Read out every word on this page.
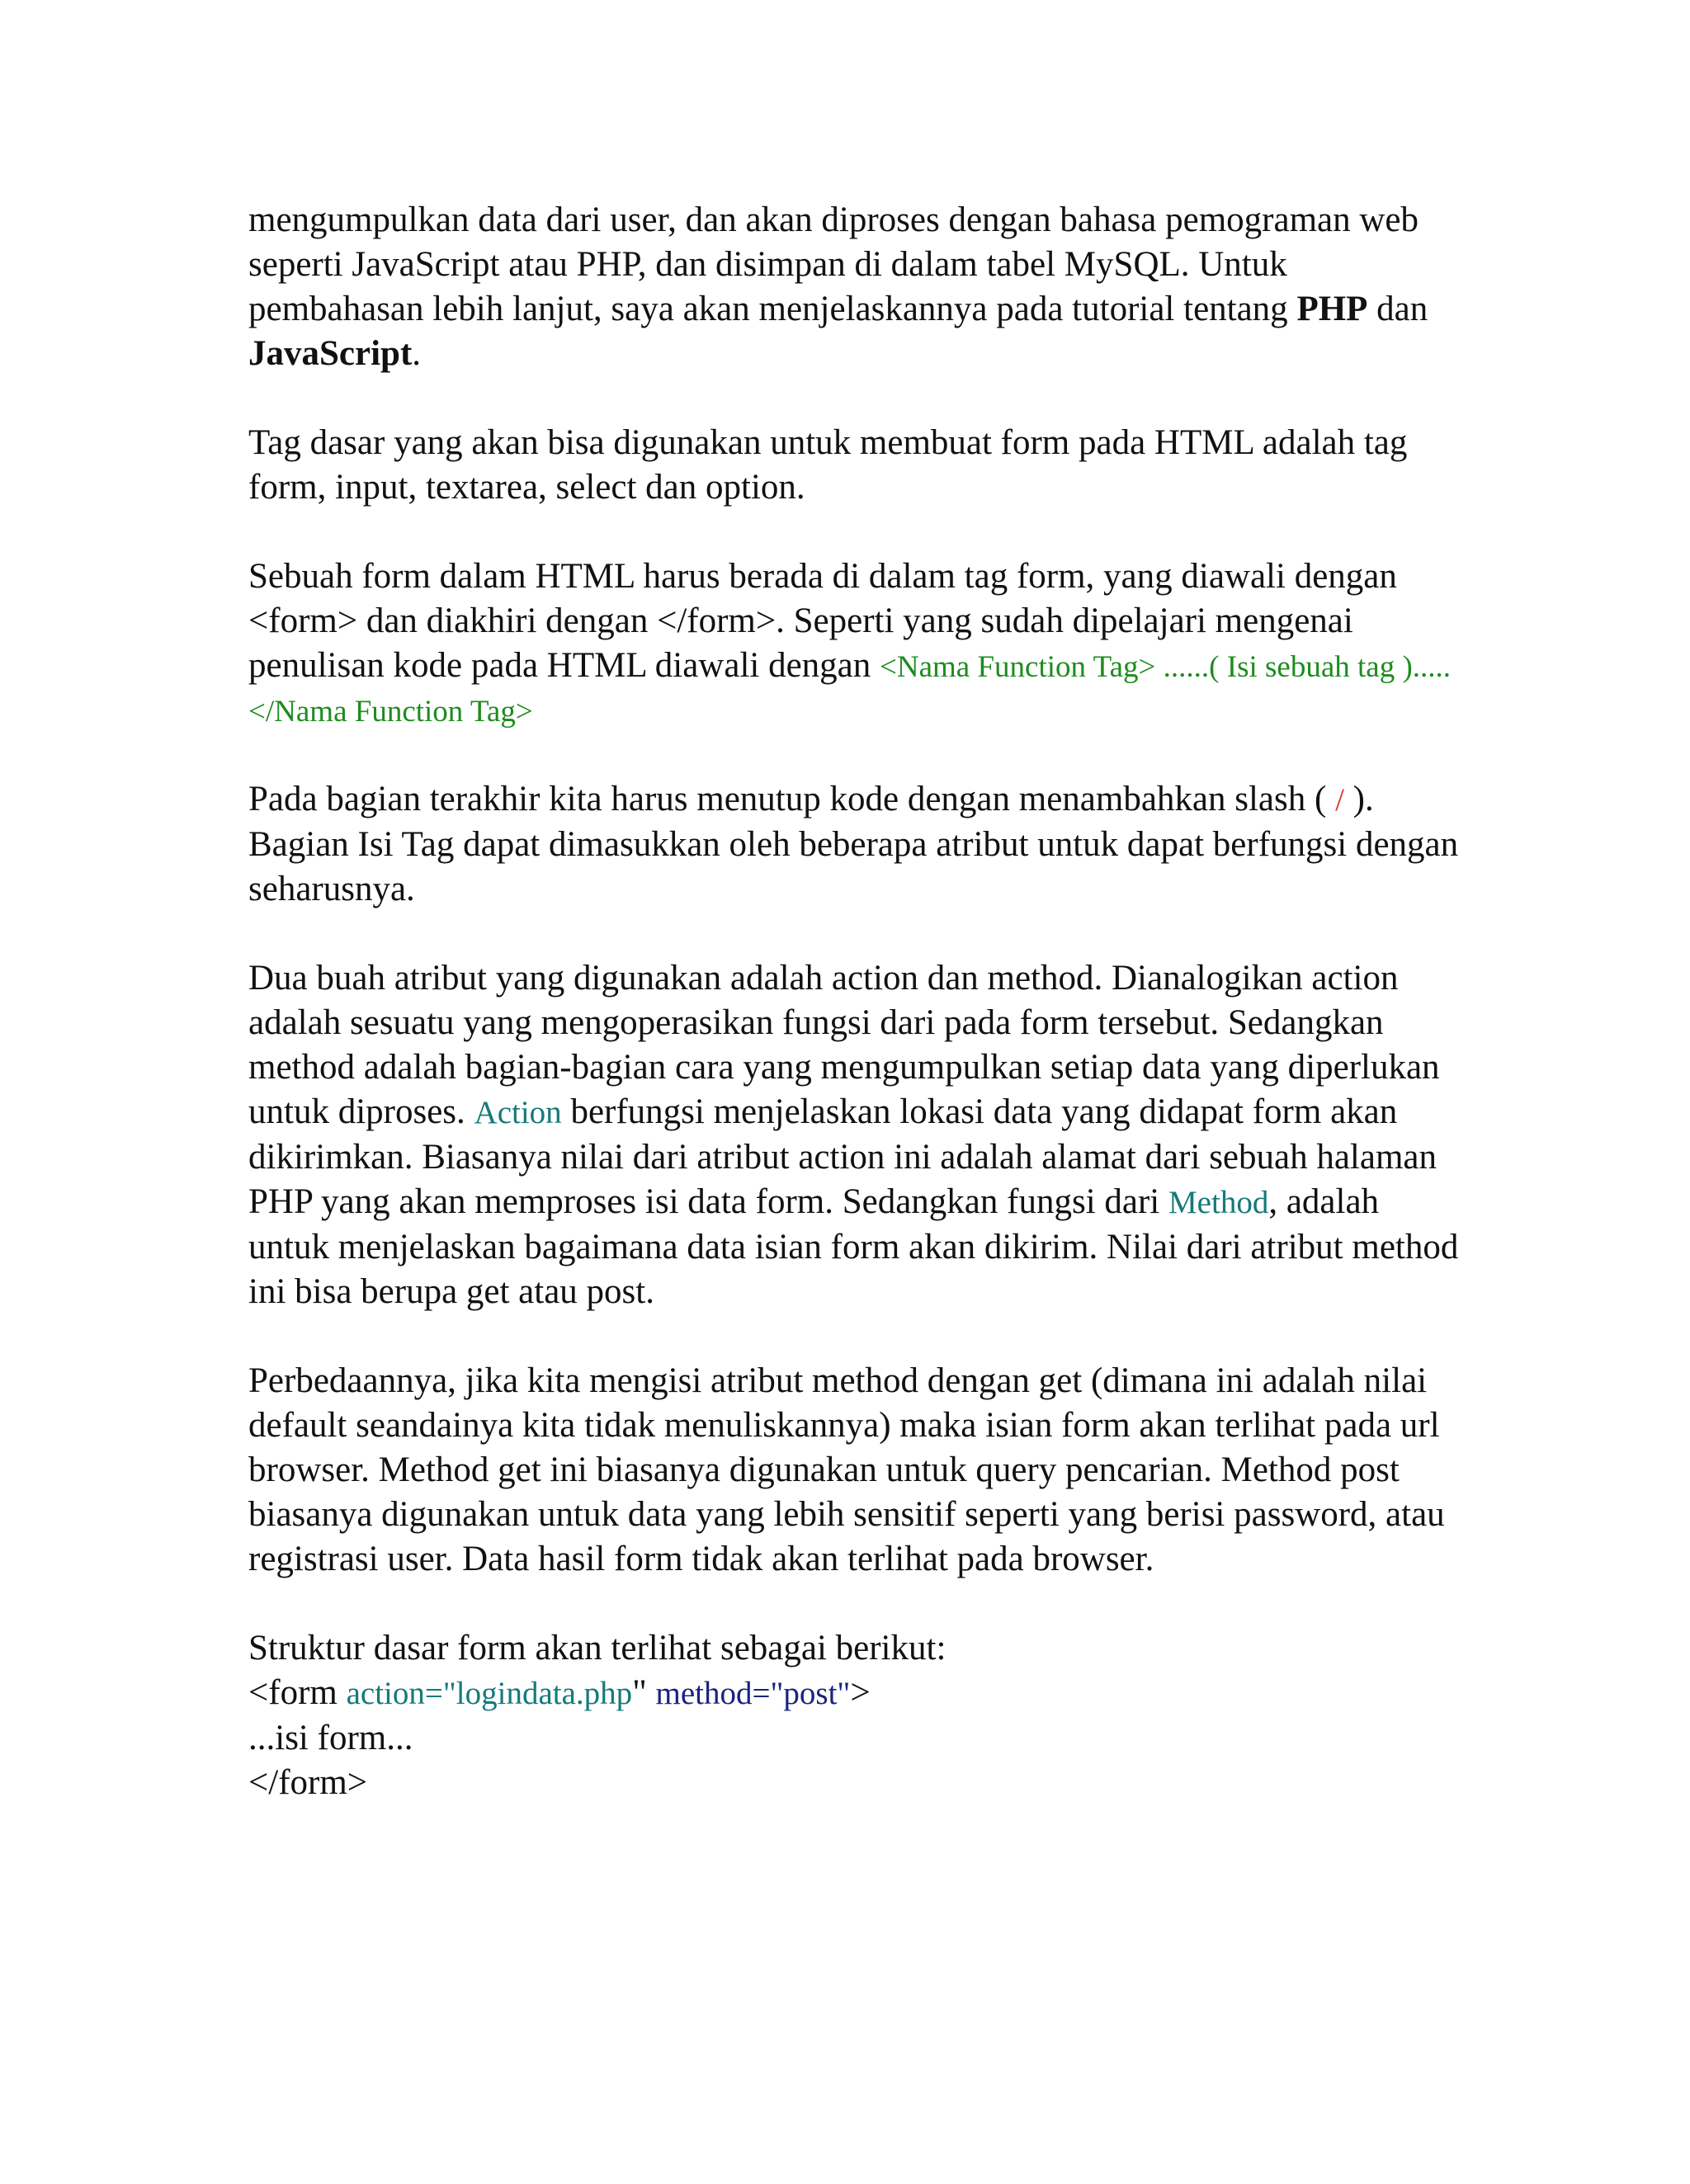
mengumpulkan data dari user, dan akan diproses dengan bahasa pemograman web seperti JavaScript atau PHP, dan disimpan di dalam tabel MySQL. Untuk pembahasan lebih lanjut, saya akan menjelaskannya pada tutorial tentang PHP dan JavaScript.

Tag dasar yang akan bisa digunakan untuk membuat form pada HTML adalah tag form, input, textarea, select dan option.

Sebuah form dalam HTML harus berada di dalam tag form, yang diawali dengan <form> dan diakhiri dengan </form>. Seperti yang sudah dipelajari mengenai penulisan kode pada HTML diawali dengan <Nama Function Tag> ......( Isi sebuah tag )..... </Nama Function Tag>

Pada bagian terakhir kita harus menutup kode dengan menambahkan slash ( / ).
Bagian Isi Tag dapat dimasukkan oleh beberapa atribut untuk dapat berfungsi dengan seharusnya.

Dua buah atribut yang digunakan adalah action dan method. Dianalogikan action adalah sesuatu yang mengoperasikan fungsi dari pada form tersebut. Sedangkan method adalah bagian-bagian cara yang mengumpulkan setiap data yang diperlukan untuk diproses. Action berfungsi menjelaskan lokasi data yang didapat form akan dikirimkan. Biasanya nilai dari atribut action ini adalah alamat dari sebuah halaman PHP yang akan memproses isi data form. Sedangkan fungsi dari Method, adalah untuk menjelaskan bagaimana data isian form akan dikirim. Nilai dari atribut method ini bisa berupa get atau post.

Perbedaannya, jika kita mengisi atribut method dengan get (dimana ini adalah nilai default seandainya kita tidak menuliskannya) maka isian form akan terlihat pada url browser. Method get ini biasanya digunakan untuk query pencarian. Method post biasanya digunakan untuk data yang lebih sensitif seperti yang berisi password, atau registrasi user. Data hasil form tidak akan terlihat pada browser.

Struktur dasar form akan terlihat sebagai berikut:
<form action="logindata.php" method="post">
...isi form...
</form>
